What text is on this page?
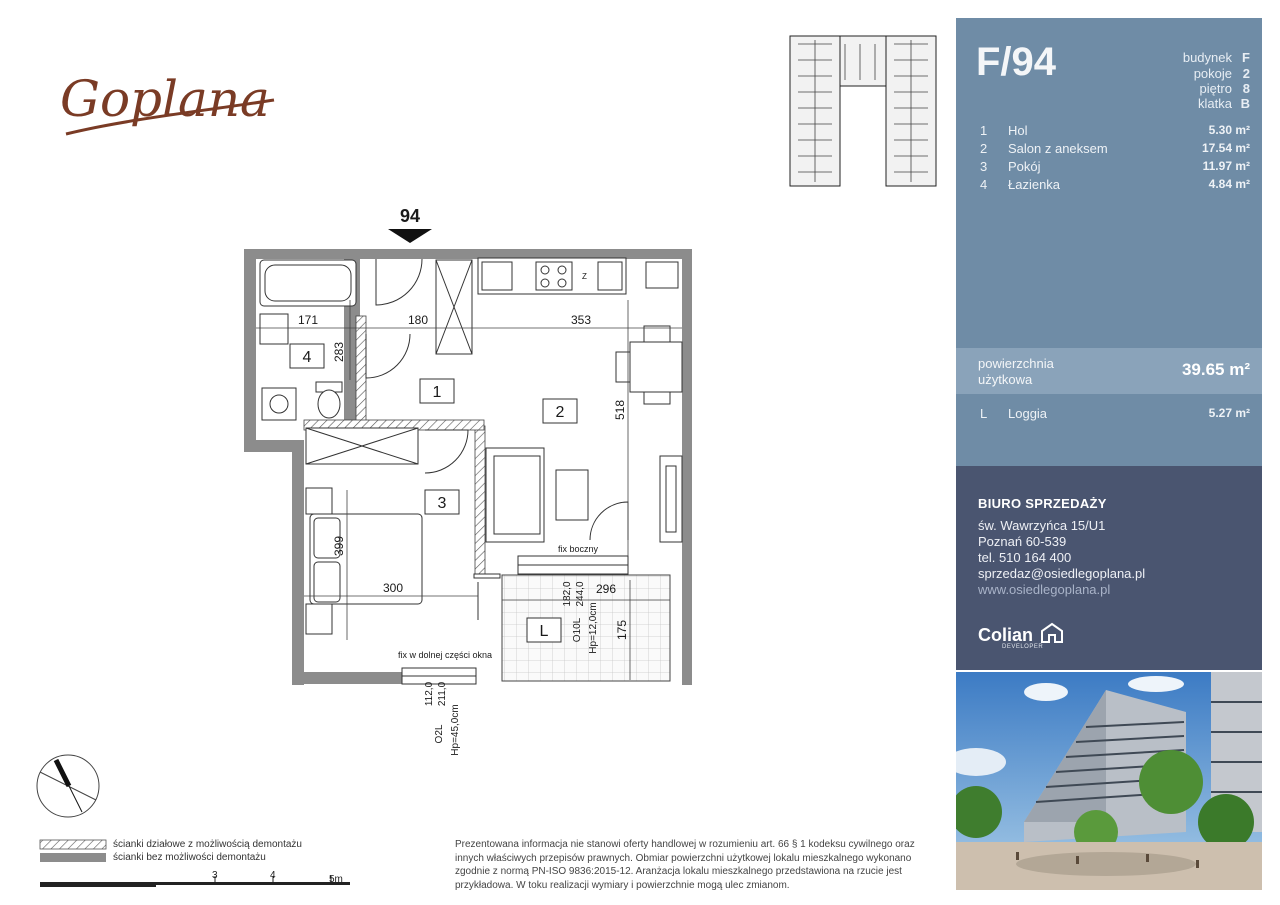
Goplana
94
Z
4
1
2
3
L
171	180	353
283
518
399
300	296
175
182,0 244,0
O10L Hp=12,0cm
112,0 211,0
O2L Hp=45,0cm
fix boczny
fix w dolnej części okna
ścianki działowe z możliwością demontażu
ścianki bez możliwości demontażu
3	4	5m
Prezentowana informacja nie stanowi oferty handlowej w rozumieniu art. 66 § 1 kodeksu cywilnego oraz innych właściwych przepisów prawnych. Obmiar powierzchni użytkowej lokalu mieszkalnego wykonano zgodnie z normą PN-ISO 9836:2015-12. Aranżacja lokalu mieszkalnego przedstawiona na rzucie jest przykładowa. W toku realizacji wymiary i powierzchnie mogą ulec zmianom.
F/94	budynek F
pokoje 2
piętro 8
klatka B
1 Hol	5.30 m²
2 Salon z aneksem	17.54 m²
3 Pokój	11.97 m²
4 Łazienka	4.84 m²
powierzchnia użytkowa
39.65 m²
L Loggia	5.27 m²
BIURO SPRZEDAŻY
św. Wawrzyńca 15/U1
Poznań 60-539
tel. 510 164 400
sprzedaz@osiedlegoplana.pl
www.osiedlegoplana.pl
Colian
DEVELOPER
